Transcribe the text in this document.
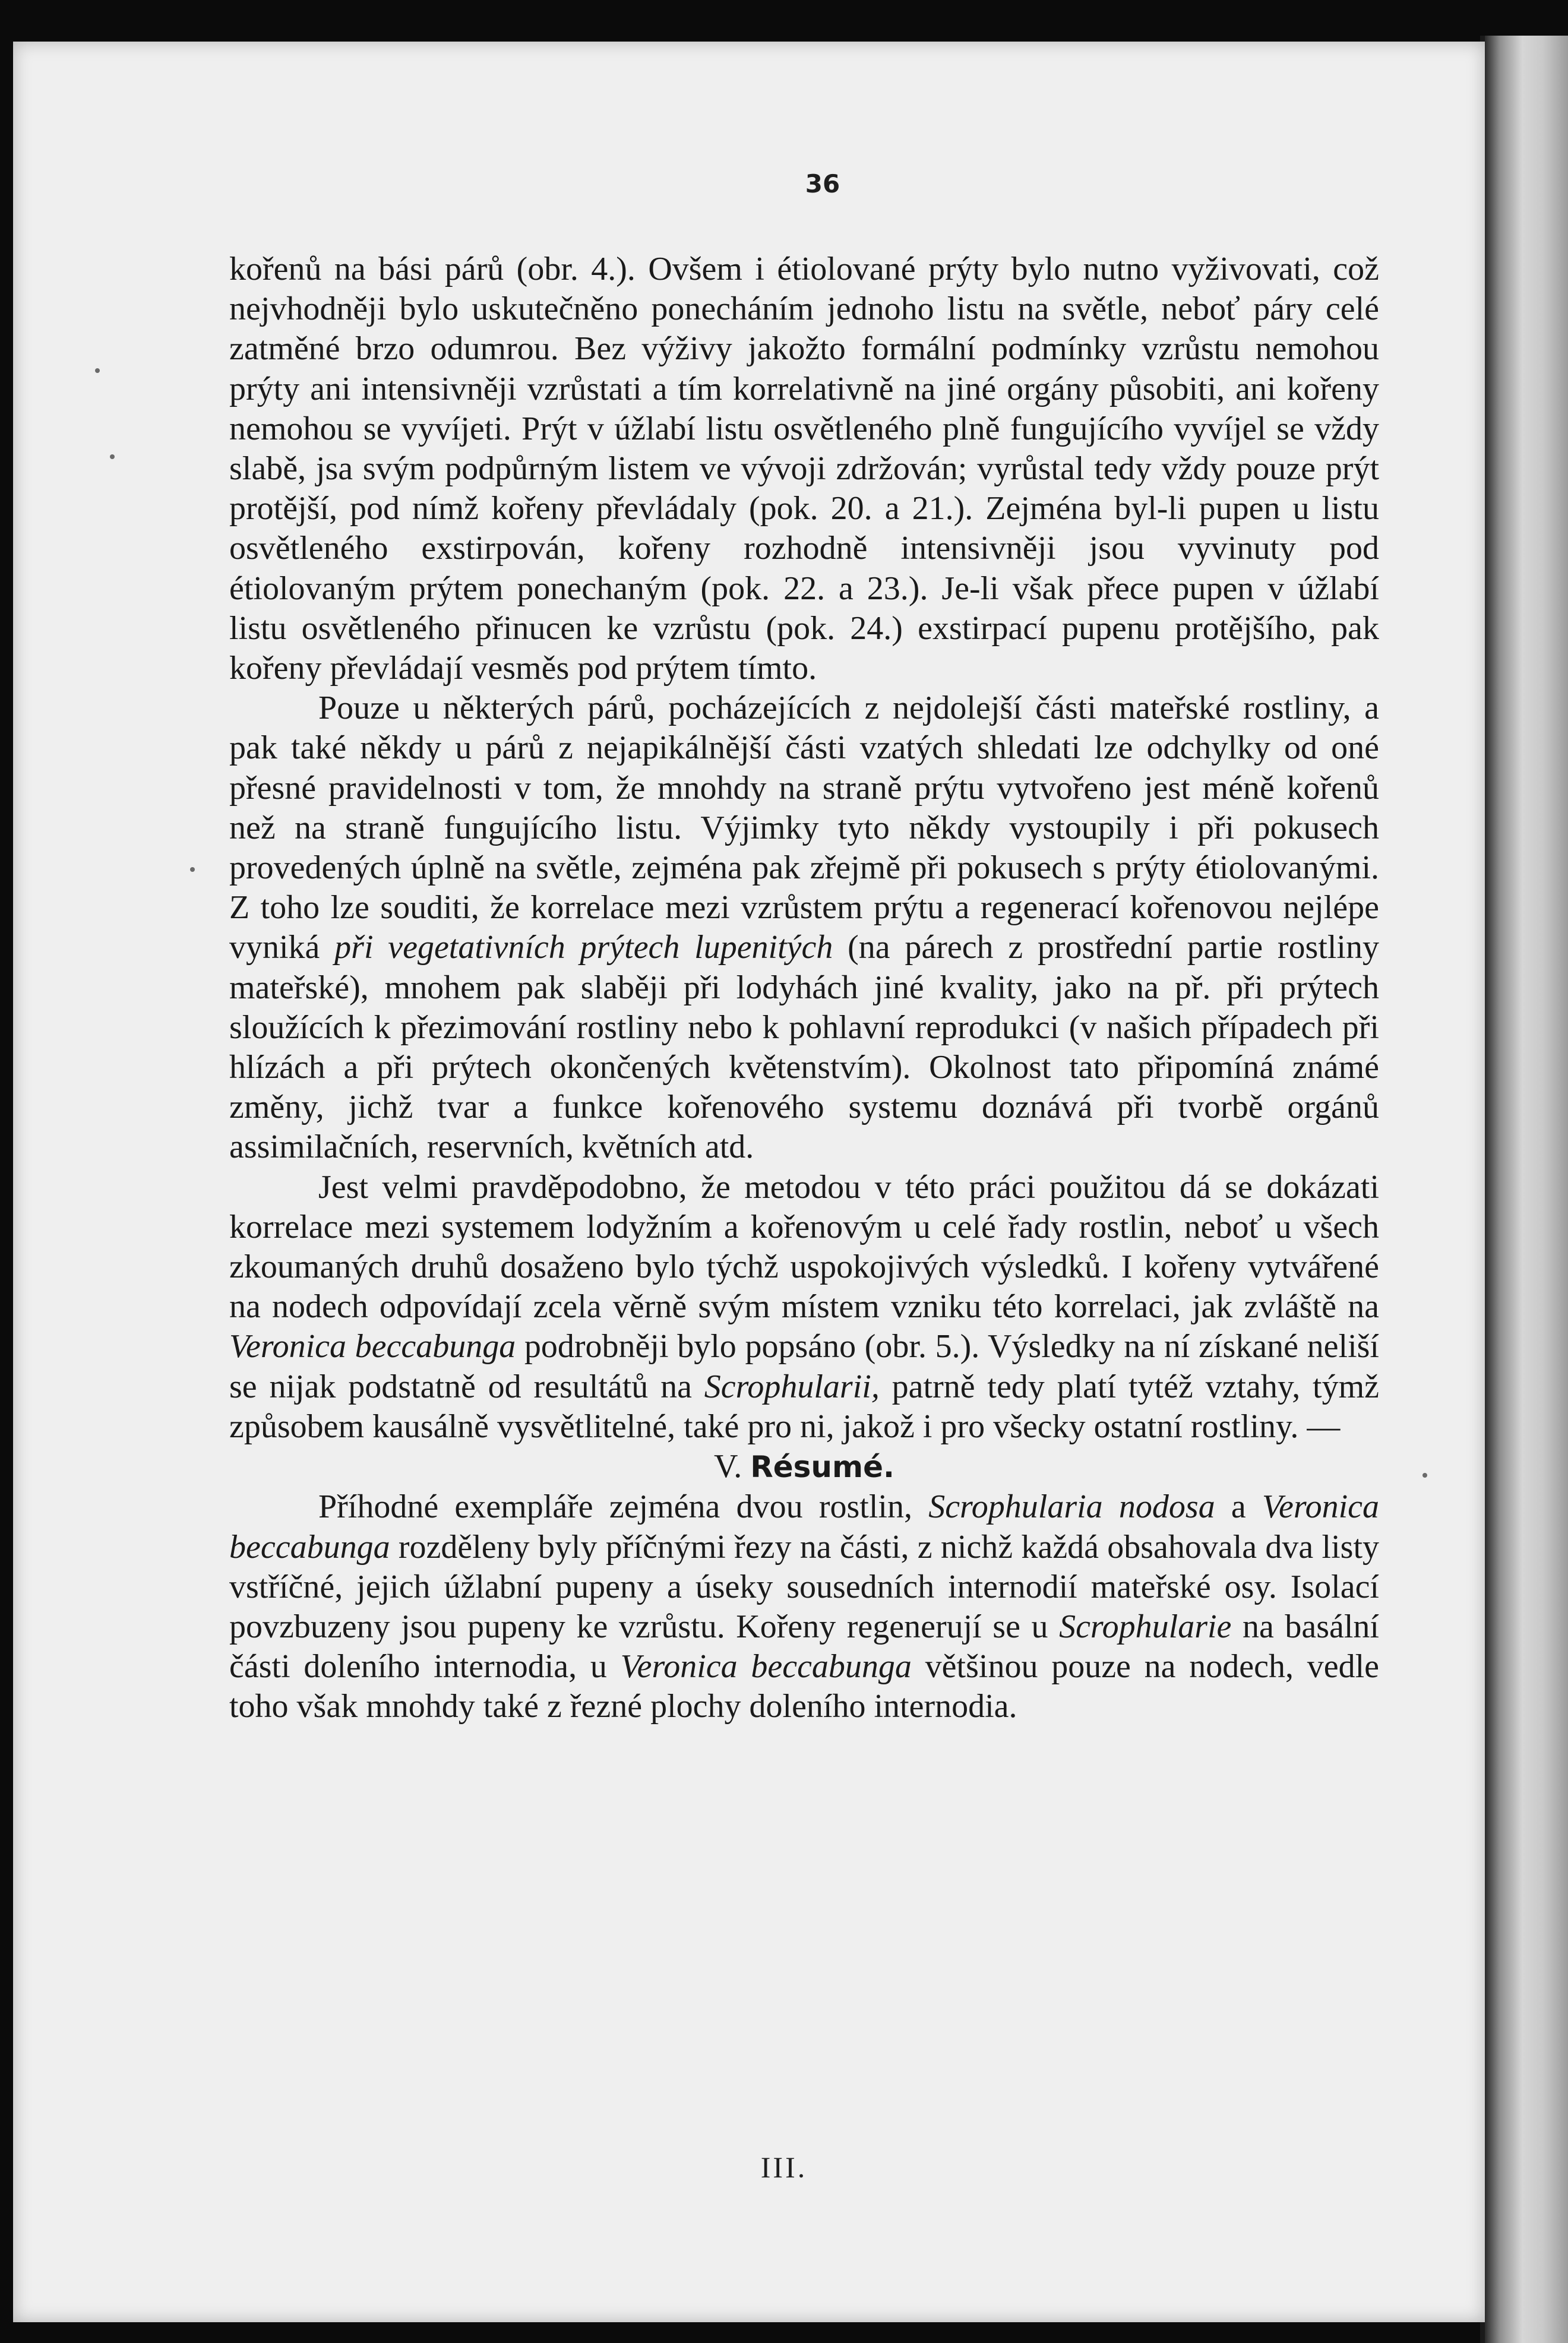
36

kořenů na bási párů (obr. 4.). Ovšem i étiolované prýty bylo nutno vyživovati, což nejvhodněji bylo uskutečněno ponecháním jednoho listu na světle, neboť páry celé zatměné brzo odumrou. Bez výživy jakožto formální podmínky vzrůstu nemohou prýty ani intensivněji vzrůstati a tím korrelativně na jiné orgány působiti, ani kořeny nemohou se vyvíjeti. Prýt v úžlabí listu osvětleného plně fungujícího vyvíjel se vždy slabě, jsa svým podpůrným listem ve vývoji zdržován; vyrůstal tedy vždy pouze prýt protější, pod nímž kořeny převládaly (pok. 20. a 21.). Zejména byl-li pupen u listu osvětleného exstirpován, kořeny rozhodně intensivněji jsou vyvinuty pod étiolovaným prýtem ponechaným (pok. 22. a 23.). Je-li však přece pupen v úžlabí listu osvětleného přinucen ke vzrůstu (pok. 24.) exstirpací pupenu protějšího, pak kořeny převládají vesměs pod prýtem tímto.

Pouze u některých párů, pocházejících z nejdolejší části mateřské rostliny, a pak také někdy u párů z nejapikálnější části vzatých shledati lze odchylky od oné přesné pravidelnosti v tom, že mnohdy na straně prýtu vytvořeno jest méně kořenů než na straně fungujícího listu. Výjimky tyto někdy vystoupily i při pokusech provedených úplně na světle, zejména pak zřejmě při pokusech s prýty étiolovanými. Z toho lze souditi, že korrelace mezi vzrůstem prýtu a regenerací kořenovou nejlépe vyniká při vegetativních prýtech lupenitých (na párech z prostřední partie rostliny mateřské), mnohem pak slaběji při lodyhách jiné kvality, jako na př. při prýtech sloužících k přezimování rostliny nebo k pohlavní reprodukci (v našich případech při hlízách a při prýtech okončených květenstvím). Okolnost tato připomíná známé změny, jichž tvar a funkce kořenového systemu doznává při tvorbě orgánů assimilačních, reservních, květních atd.

Jest velmi pravděpodobno, že metodou v této práci použitou dá se dokázati korrelace mezi systemem lodyžním a kořenovým u celé řady rostlin, neboť u všech zkoumaných druhů dosaženo bylo týchž uspokojivých výsledků. I kořeny vytvářené na nodech odpovídají zcela věrně svým místem vzniku této korrelaci, jak zvláště na Veronica beccabunga podrobněji bylo popsáno (obr. 5.). Výsledky na ní získané neliší se nijak podstatně od resultátů na Scrophularii, patrně tedy platí tytéž vztahy, týmž způsobem kausálně vysvětlitelné, také pro ni, jakož i pro všecky ostatní rostliny. —

V. Résumé.

Příhodné exempláře zejména dvou rostlin, Scrophularia nodosa a Veronica beccabunga rozděleny byly příčnými řezy na části, z nichž každá obsahovala dva listy vstříčné, jejich úžlabní pupeny a úseky sousedních internodií mateřské osy. Isolací povzbuzeny jsou pupeny ke vzrůstu. Kořeny regenerují se u Scrophularie na basální části doleního internodia, u Veronica beccabunga většinou pouze na nodech, vedle toho však mnohdy také z řezné plochy doleního internodia.

III.
